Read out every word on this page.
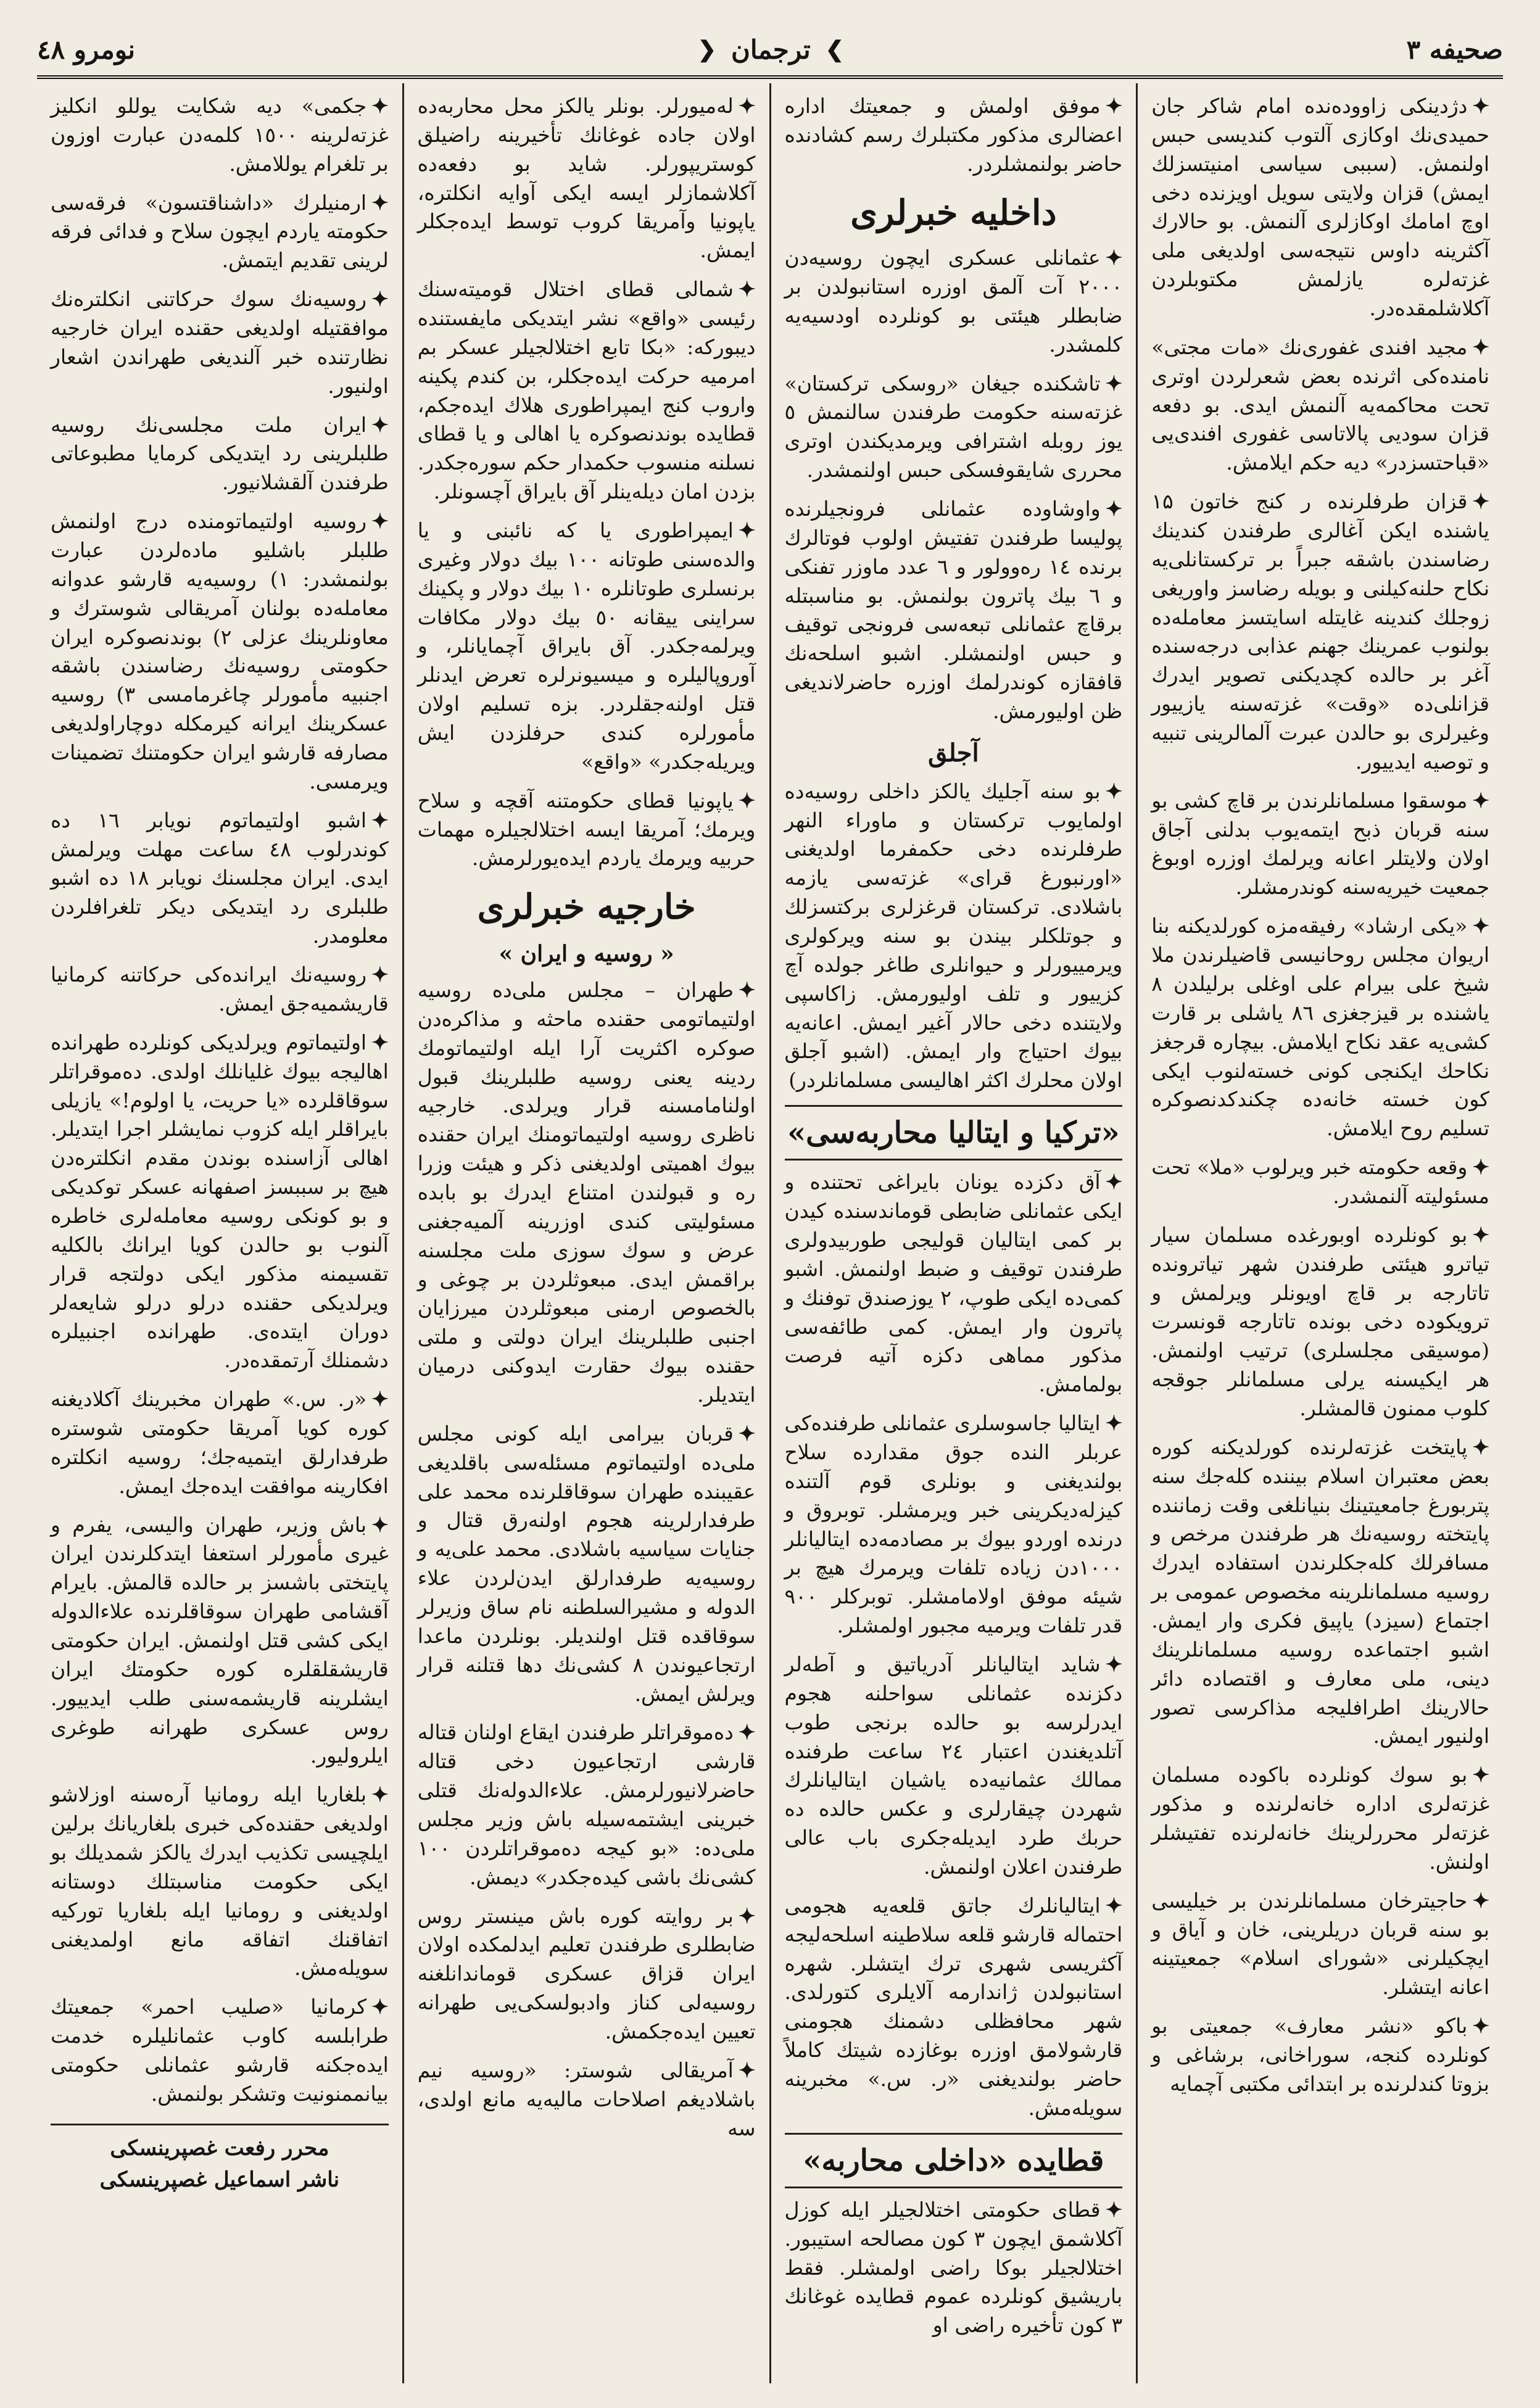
صحیفه ۳
❯
ترجمان
❮
نومرو ٤٨
✦دژدینکی زاووده‌نده امام شاکر جان حمیدی‌نك اوکازی آلتوب کندیسی حبس اولنمش. (سببی سیاسی امنیتسزلك ایمش) قزان ولایتی سویل اویزنده دخی اوچ امامك اوکازلری آلنمش. بو حالارك آکثرینه داوس نتیجه‌سی اولدیغی ملی غزته‌لره یازلمش مکتوبلردن آکلاشلمقده‌در.
✦مجید افندی غفوری‌نك «مات مجتی» نامنده‌کی اثرنده بعض شعرلردن اوتری تحت محاکمه‌یه آلنمش ایدی. بو دفعه قزان سودیی پالاتاسی غفوری افندی‌یی «قباحتسزدر» دیه حکم ایلامش.
✦قزان طرفلرنده ر کنج خاتون ۱۵ یاشنده ایکن آغالری طرفندن کندینك رضاسندن باشقه جبراً بر ترکستانلی‌یه نکاح حلنه‌کیلنی و بویله رضاسز واوریغی زوجلك کندینه غایتله اسایتسز معامله‌ده بولنوب عمرینك جهنم عذابی درجه‌سنده آغر بر حالده کچدیکنی تصویر ایدرك قزانلی‌ده «وقت» غزته‌سنه یازییور وغیرلری بو حالدن عبرت آلمالرینی تنبیه و توصیه ایدییور.
✦موسقوا مسلمانلرندن بر قاچ کشی بو سنه قربان ذبح ایتمه‌یوب بدلنی آجاق اولان ولایتلر اعانه ویرلمك اوزره اوبوغ جمعیت خیریه‌سنه کوندرمشلر.
✦«یکی ارشاد» رفیقه‌مزه کورلدیکنه بنا اریوان مجلس روحانیسی قاضیلرندن ملا شیخ علی بیرام علی اوغلی برلیلدن ۸ یاشنده بر قیزجغزی ۸٦ یاشلی بر قارت کشی‌یه عقد نکاح ایلامش. بیچاره قرجغز نکاحك ایکنجی کونی خسته‌لنوب ایکی کون خسته خانه‌ده چکندکدنصوکره تسلیم روح ایلامش.
✦وقعه حکومته خبر ویرلوب «ملا» تحت مسئولیته آلنمشدر.
✦بو کونلرده اوبورغده مسلمان سیار تیاترو هیئتی طرفندن شهر تیاترونده تاتارجه بر قاچ اویونلر ویرلمش و ترویکوده دخی بونده تاتارجه قونسرت (موسیقی مجلسلری) ترتیب اولنمش. هر ایکیسنه یرلی مسلمانلر جوقجه کلوب ممنون قالمشلر.
✦پایتخت غزته‌لرنده کورلدیکنه کوره بعض معتبران اسلام بیننده کله‌جك سنه پتربورغ جامعیتینك بنیانلغی وقت زماننده پایتخته روسیه‌نك هر طرفندن مرخص و مسافرلك کله‌جکلرندن استفاده ایدرك روسیه مسلمانلرینه مخصوص عمومی بر اجتماع (سیزد) یاپیق فکری وار ایمش. اشبو اجتماعده روسیه مسلمانلرینك دینی، ملی معارف و اقتصاده دائر حالارینك اطرافلیجه مذاکرسی تصور اولنیور ایمش.
✦بو سوك کونلرده باکوده مسلمان غزته‌لری اداره خانه‌لرنده و مذکور غزته‌لر محررلرینك خانه‌لرنده تفتیشلر اولنش.
✦حاجیترخان مسلمانلرندن بر خیلیسی بو سنه قربان دریلرینی، خان و آیاق و ایچکیلرنی «شورای اسلام» جمعیتینه اعانه ایتشلر.
✦باکو «نشر معارف» جمعیتی بو کونلرده کنجه، سوراخانی، برشاغی و بزوتا کندلرنده بر ابتدائی مکتبی آچمایه
✦موفق اولمش و جمعیتك اداره اعضالری مذکور مکتبلرك رسم کشادنده حاضر بولنمشلردر.
داخلیه خبرلری
✦عثمانلی عسکری ایچون روسیه‌دن ۲۰۰۰ آت آلمق اوزره استانبولدن بر ضابطلر هیئتی بو کونلرده اودسیه‌یه کلمشدر.
✦تاشکنده جیغان «روسکی ترکستان» غزته‌سنه حکومت طرفندن سالنمش ٥ یوز روبله اشترافی ویرمدیکندن اوتری محرری شایقوفسکی حبس اولنمشدر.
✦واوشاوده عثمانلی فرونجیلرنده پولیسا طرفندن تفتیش اولوب فوتالرك برنده ۱٤ رەوولور و ٦ عدد ماوزر تفنکی و ٦ بیك پاترون بولنمش. بو مناسبتله برقاچ عثمانلی تبعه‌سی فرونجی توقیف و حبس اولنمشلر. اشبو اسلحه‌نك قافقازه کوندرلمك اوزره حاضرلاندیغی ظن اولیورمش.
آجلق
✦بو سنه آجلیك یالکز داخلی روسیه‌ده اولمایوب ترکستان و ماوراء النهر طرفلرنده دخی حکمفرما اولدیغنی «اورنبورغ قرای» غزته‌سی یازمه باشلادی. ترکستان قرغزلری برکتسزلك و جوتلکلر بیندن بو سنه ویرکولری ویرمییورلر و حیوانلری طاغر جولده آچ کزییور و تلف اولیورمش. زاکاسپی ولایتنده دخی حالار آغیر ایمش. اعانه‌یه بیوك احتیاج وار ایمش. (اشبو آجلق اولان محلرك اکثر اهالیسی مسلمانلردر)
«ترکیا و ایتالیا محاربه‌سی»
✦آق دکزده یونان بایراغی تحتنده و ایکی عثمانلی ضابطی قوماندسنده کیدن بر کمی ایتالیان قولیجی طوربیدولری طرفندن توقیف و ضبط اولنمش. اشبو کمی‌ده ایکی طوپ، ۲ یوزصندق توفنك و پاترون وار ایمش. کمی طائفه‌سی مذکور مماهی دکزه آتیه فرصت بولمامش.
✦ایتالیا جاسوسلری عثمانلی طرفنده‌کی عربلر الندە جوق مقدارده سلاح بولندیغنی و بونلری قوم آلتنده کیزله‌دیکرینی خبر ویرمشلر. توبروق و درنده اوردو بیوك بر مصادمه‌ده ایتالیانلر ۱۰۰۰دن زیاده تلفات ویرمرك هیچ بر شیئه موفق اولامامشلر. توبرکلر ۹۰۰ قدر تلفات ویرمیه مجبور اولمشلر.
✦شاید ایتالیانلر آدریاتیق و آطه‌لر دکزنده عثمانلی سواحلنه هجوم ایدرلرسه بو حالده برنجی طوب آتلدیغندن اعتبار ۲٤ ساعت طرفنده ممالك عثمانیه‌ده یاشیان ایتالیانلرك شهردن چیقارلری و عکس حالده ده حربك طرد ایدیله‌جکری باب عالی طرفندن اعلان اولنمش.
✦ایتالیانلرك جاتق قلعه‌یه هجومی احتماله قارشو قلعه سلاطینه اسلحه‌لیجه آکثریسی شهری ترك ایتشلر. شهره استانبولدن ژاندارمه آلایلری کتورلدی. شهر محافظلی دشمنك هجومنی قارشولامق اوزره بوغازده شیتك کاملاً حاضر بولندیغنی «ر. س.» مخبرینه سویله‌مش.
قطایده «داخلی محاربه»
✦قطای حکومتی اختلالجیلر ایله کوزل آکلاشمق ایچون ۳ کون مصالحه استیبور. اختلالجیلر بوکا راضی اولمشلر. فقط باریشیق کونلرده عموم قطایده غوغانك ۳ کون تأخیره راضی او
✦لەمیورلر. بونلر یالکز محل محاربه‌ده اولان جاده غوغانك تأخیرینه راضیلق کوستریپورلر. شاید بو دفعه‌ده آکلاشمازلر ایسه ایکی آوایه انکلتره، یاپونیا وآمریقا کروب توسط ایده‌جکلر ایمش.
✦شمالی قطای اختلال قومیته‌سنك رئیسی «واقع» نشر ایتدیکی مایفستنده دیبورکه: «بکا تابع اختلالجیلر عسکر بم امرمیه حرکت ایده‌جکلر، بن کندم پکینه واروب کنج ایمپراطوری هلاك ایده‌جکم، قطایده بوندنصوکره یا اهالی و یا قطای نسلنه منسوب حکمدار حکم سوره‌جکدر. بزدن امان دیله‌ینلر آق بایراق آچسونلر.
✦ایمپراطوری یا که نائبنی و یا والده‌سنی طوتانه ۱۰۰ بیك دولار وغیری برنسلری طوتانلره ۱۰ بیك دولار و پکینك سراینی ییقانه ٥۰ بیك دولار مکافات ویرلمه‌جکدر. آق بایراق آچمایانلر، و آوروپالیلره و میسیونرلره تعرض ایدنلر قتل اولنه‌جقلردر. بزه تسلیم اولان مأمورلره کندی حرفلزدن ایش ویریله‌جکدر» «واقع»
✦یاپونیا قطای حکومتنه آقچه و سلاح ویرمك؛ آمریقا ایسه اختلالجیلره مهمات حربیه ویرمك یاردم ایده‌یورلرمش.
خارجیه خبرلری
« روسیه و ایران »
✦طهران – مجلس ملی‌ده روسیه اولتیماتومی حقنده ماحثه و مذاکره‌دن صوکره اکثریت آرا ایله اولتیماتومك ردینه یعنی روسیه طلبلرینك قبول اولنامامسنه قرار ویرلدی. خارجیه ناظری روسیه اولتیماتومنك ایران حقنده بیوك اهمیتی اولدیغنی ذکر و هیئت وزرا ره و قبولندن امتناع ایدرك بو بابده مسئولیتی کندی اوزرینه آلمیه‌جغنی عرض و سوك سوزی ملت مجلسنه براقمش ایدی. مبعوثلردن بر چوغی و بالخصوص ارمنی مبعوثلردن میرزایان اجنبی طلبلرینك ایران دولتی و ملتی حقنده بیوك حقارت ایدوکنی درمیان ایتدیلر.
✦قربان بیرامی ایله کونی مجلس ملی‌ده اولتیماتوم مسئله‌سی باقلدیغی عقیبنده طهران سوقاقلرنده محمد علی طرفدارلرینه هجوم اولنه‌رق قتال و جنایات سیاسیه باشلادی. محمد علی‌یه و روسیه‌یه طرفدارلق ایدن‌لردن علاء الدوله و مشیرالسلطنه نام ساق وزیرلر سوقاقده قتل اولندیلر. بونلردن ماعدا ارتجاعیوندن ۸ کشی‌نك دها قتلنه قرار ویرلش ایمش.
✦دەموقراتلر طرفندن ایقاع اولنان قتاله قارشی ارتجاعیون دخی قتاله حاضرلانیورلرمش. علاءالدوله‌نك قتلی خبرینی ایشتمه‌سیله باش وزیر مجلس ملی‌ده: «بو کیجه دەموقراتلردن ۱۰۰ کشی‌نك باشی کیده‌جکدر» دیمش.
✦بر روایته کوره باش مینستر روس ضابطلری طرفندن تعلیم ایدلمکده اولان ایران قزاق عسکری قوماندانلغنه روسیه‌لی کناز وادبولسکی‌یی طهرانه تعیین ایده‌جکمش.
✦آمریقالی شوستر: «روسیه نیم باشلادیغم اصلاحات مالیه‌یه مانع اولدی، سه
✦جکمی» دیه شکایت یوللو انکلیز غزته‌لرینه ۱٥۰۰ کلمه‌دن عبارت اوزون بر تلغرام یوللامش.
✦ارمنیلرك «داشناقتسون» فرقه‌سی حکومته یاردم ایچون سلاح و فدائی فرقه لرینی تقدیم ایتمش.
✦روسیه‌نك سوك حرکاتنی انکلتره‌نك موافقتیله اولدیغی حقنده ایران خارجیه نظارتنده خبر آلندیغی طهراندن اشعار اولنیور.
✦ایران ملت مجلسی‌نك روسیه طلبلرینی رد ایتدیکی کرمایا مطبوعاتی طرفندن آلقشلانیور.
✦روسیه اولتیماتومنده درج اولنمش طلبلر باشلیو ماده‌لردن عبارت بولنمشدر: ۱) روسیه‌یه قارشو عدوانه معامله‌ده بولنان آمریقالی شوسترك و معاونلرینك عزلی ۲) بوندنصوکره ایران حکومتی روسیه‌نك رضاسندن باشقه اجنبیه مأمورلر چاغرمامسی ۳) روسیه عسکرینك ایرانه کیرمکله دوچاراولدیغی مصارفه قارشو ایران حکومتنك تضمینات ویرمسی.
✦اشبو اولتیماتوم نویابر ۱٦ ده کوندرلوب ٤۸ ساعت مهلت ویرلمش ایدی. ایران مجلسنك نویابر ۱۸ ده اشبو طلبلری رد ایتدیکی دیکر تلغرافلردن معلومدر.
✦روسیه‌نك ایرانده‌کی حرکاتنه کرمانیا قاریشمیه‌جق ایمش.
✦اولتیماتوم ویرلدیکی کونلرده طهرانده اهالیجه بیوك غلیانلك اولدی. دەموقراتلر سوقاقلرده «یا حریت، یا اولوم!» یازیلی بایراقلر ایله کزوب نمایشلر اجرا ایتدیلر. اهالی آزاسنده بوندن مقدم انکلتره‌دن هیچ بر سببسز اصفهانه عسکر توکدیکی و بو کونکی روسیه معامله‌لری خاطره آلنوب بو حالدن کویا ایرانك بالکلیه تقسیمنه مذکور ایکی دولتجه قرار ویرلدیکی حقنده درلو درلو شایعه‌لر دوران ایتده‌ی. طهرانده اجنبیلره دشمنلك آرتمقده‌در.
✦«ر. س.» طهران مخبرینك آکلادیغنه کوره کویا آمریقا حکومتی شوستره طرفدارلق ایتمیه‌جك؛ روسیه انکلتره افکارینه موافقت ایده‌جك ایمش.
✦باش وزیر، طهران والیسی، یفرم و غیری مأمورلر استعفا ایتدکلرندن ایران پایتختی باشسز بر حالده قالمش. بایرام آقشامی طهران سوقاقلرنده علاءالدوله ایکی کشی قتل اولنمش. ایران حکومتی قاریشقلقلره کوره حکومتك ایران ایشلرینه قاریشمه‌سنی طلب ایدییور. روس عسکری طهرانه طوغری ایلرولیور.
✦بلغاریا ایله رومانیا آره‌سنه اوزلاشو اولدیغی حقنده‌کی خبری بلغاریانك برلین ایلچیسی تکذیب ایدرك یالکز شمدیلك بو ایکی حکومت مناسبتلك دوستانه اولدیغنی و رومانیا ایله بلغاریا تورکیه اتفاقنك اتفاقه مانع اولمدیغنی سویله‌مش.
✦کرمانیا «صلیب احمر» جمعیتك طرابلسه کاوب عثمانلیلره خدمت ایده‌جکنه قارشو عثمانلی حکومتی بیانممنونیت وتشکر بولنمش.
محرر رفعت غصپرینسکی
ناشر اسماعیل غصپرینسکی
